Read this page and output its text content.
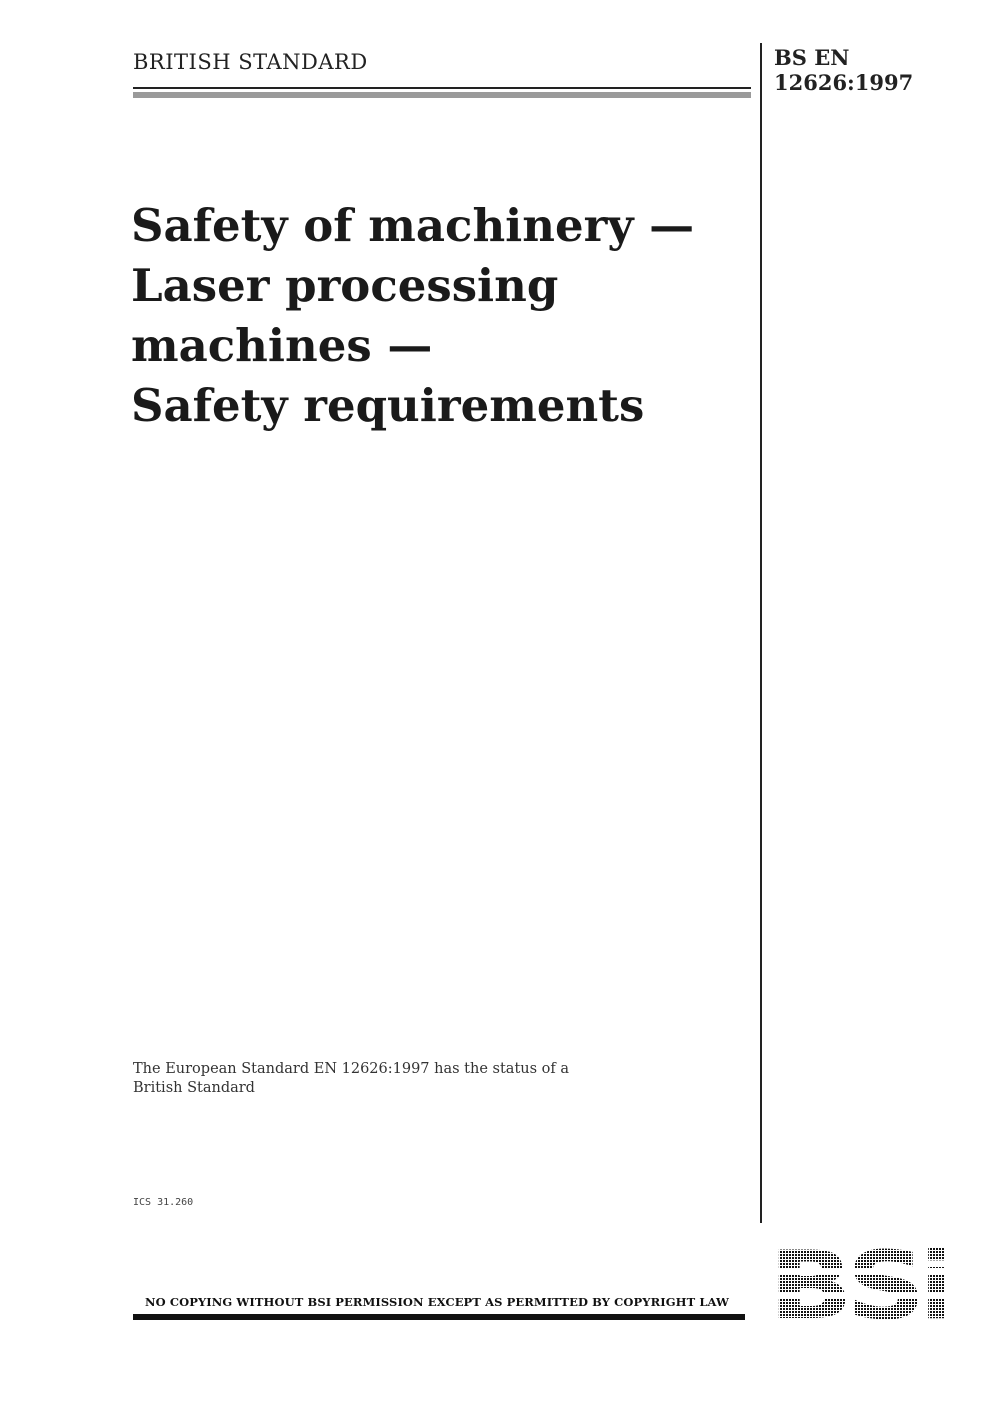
BRITISH STANDARD	BS EN
12626:1997
Safety of machinery —
Laser processing
machines —
Safety requirements
The European Standard EN 12626:1997 has the status of a
British Standard
ICS 31.260
NO COPYING WITHOUT BSI PERMISSION EXCEPT AS PERMITTED BY COPYRIGHT LAW
